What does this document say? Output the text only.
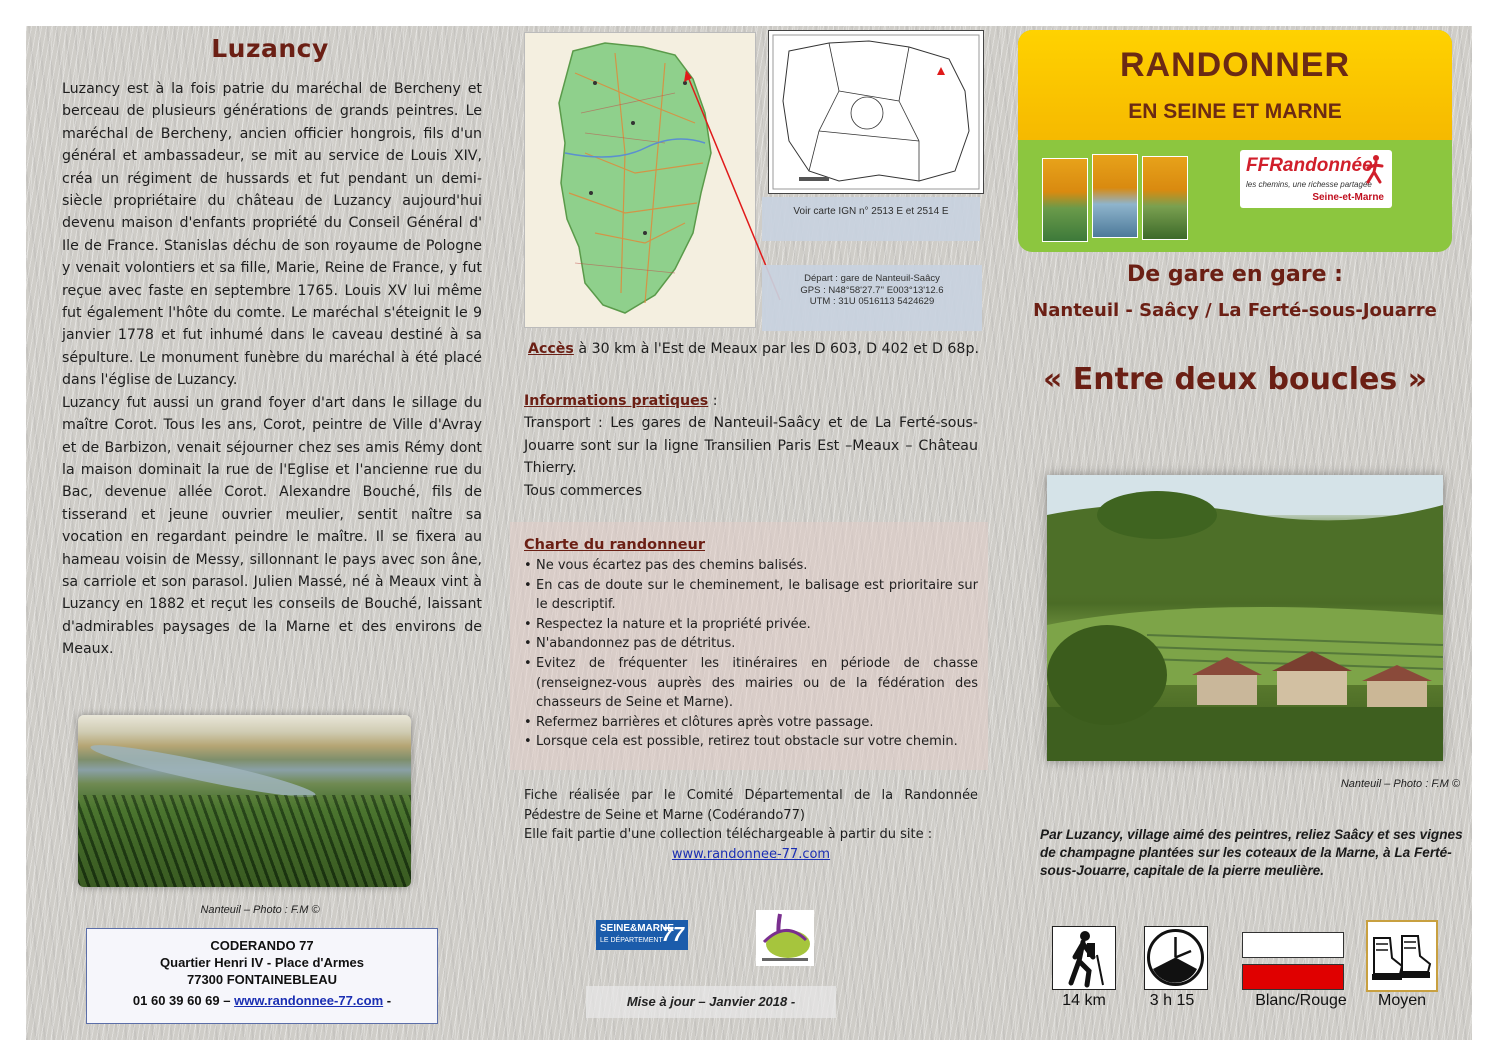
Luzancy

Luzancy est à la fois patrie du maréchal de Bercheny et berceau de plusieurs générations de grands peintres. Le maréchal de Bercheny, ancien officier hongrois, fils d'un général et ambassadeur, se mit au service de Louis XIV, créa un régiment de hussards et fut pendant un demi-siècle propriétaire du château de Luzancy aujourd'hui devenu maison d'enfants propriété du Conseil Général d' Ile de France. Stanislas déchu de son royaume de Pologne y venait volontiers et sa fille, Marie, Reine de France, y fut reçue avec faste en septembre 1765. Louis XV lui même fut également l'hôte du comte. Le maréchal s'éteignit le 9 janvier 1778 et fut inhumé dans le caveau destiné à sa sépulture. Le monument funèbre du maréchal à été placé dans l'église de Luzancy.

Luzancy fut aussi un grand foyer d'art dans le sillage du maître Corot. Tous les ans, Corot, peintre de Ville d'Avray et de Barbizon, venait séjourner chez ses amis Rémy dont la maison dominait la rue de l'Eglise et l'ancienne rue du Bac, devenue allée Corot. Alexandre Bouché, fils de tisserand et jeune ouvrier meulier, sentit naître sa vocation en regardant peindre le maître. Il se fixera au hameau voisin de Messy, sillonnant le pays avec son âne, sa carriole et son parasol. Julien Massé, né à Meaux vint à Luzancy en 1882 et reçut les conseils de Bouché, laissant d'admirables paysages de la Marne et des environs de Meaux.

Nanteuil – Photo : F.M ©
CODERANDO 77
Quartier Henri IV - Place d'Armes
77300 FONTAINEBLEAU
01 60 39 60 69 – www.randonnee-77.com -
Voir carte IGN n° 2513 E et 2514 E
Départ : gare de Nanteuil-Saâcy
GPS : N48°58'27.7'' E003°13'12.6
UTM : 31U 0516113 5424629
Accès à 30 km à l'Est de Meaux par les D 603, D 402 et D 68p.

Informations pratiques :

Transport : Les gares de Nanteuil-Saâcy et de La Ferté-sous-Jouarre sont sur la ligne Transilien Paris Est –Meaux – Château Thierry.

Tous commerces

Charte du randonneur
• Ne vous écartez pas des chemins balisés.
• En cas de doute sur le cheminement, le balisage est prioritaire sur le descriptif.
• Respectez la nature et la propriété privée.
• N'abandonnez pas de détritus.
• Evitez de fréquenter les itinéraires en période de chasse (renseignez-vous auprès des mairies ou de la fédération des chasseurs de Seine et Marne).
• Refermez barrières et clôtures après votre passage.
• Lorsque cela est possible, retirez tout obstacle sur votre chemin.
Fiche réalisée par le Comité Départemental de la Randonnée Pédestre de Seine et Marne (Codérando77)
Elle fait partie d'une collection téléchargeable à partir du site :
www.randonnee-77.com
SEINE&MARNE
LE DÉPARTEMENT
77
Mise à jour – Janvier 2018 -
RANDONNER
EN SEINE ET MARNE
FFRandonnée
les chemins, une richesse partagée
Seine-et-Marne
De gare en gare :
Nanteuil - Saâcy / La Ferté-sous-Jouarre
« Entre deux boucles »
Nanteuil – Photo : F.M ©
Par Luzancy, village aimé des peintres, reliez Saâcy et ses vignes de champagne plantées sur les coteaux de la Marne, à La Ferté-sous-Jouarre, capitale de la pierre meulière.
14 km	3 h 15	Blanc/Rouge	Moyen
